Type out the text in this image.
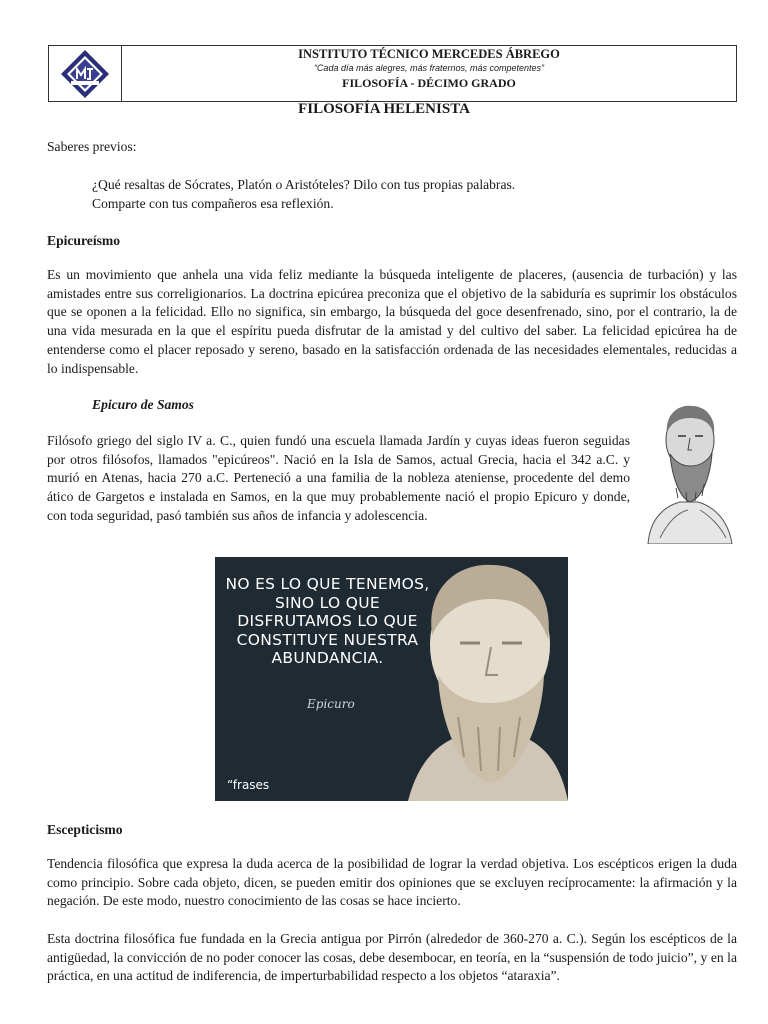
INSTITUTO TÉCNICO MERCEDES ÁBREGO
“Cada día más alegres, más fraternos, más competentes”
FILOSOFÍA - DÉCIMO GRADO
FILOSOFÍA HELENISTA
Saberes previos:
¿Qué resaltas de Sócrates, Platón o Aristóteles? Dilo con tus propias palabras.
Comparte con tus compañeros esa reflexión.
Epicureísmo
Es un movimiento que anhela una vida feliz mediante la búsqueda inteligente de placeres, (ausencia de turbación) y las amistades entre sus correligionarios. La doctrina epicúrea preconiza que el objetivo de la sabiduría es suprimir los obstáculos que se oponen a la felicidad. Ello no significa, sin embargo, la búsqueda del goce desenfrenado, sino, por el contrario, la de una vida mesurada en la que el espíritu pueda disfrutar de la amistad y del cultivo del saber. La felicidad epicúrea ha de entenderse como el placer reposado y sereno, basado en la satisfacción ordenada de las necesidades elementales, reducidas a lo indispensable.
Epicuro de Samos
Filósofo griego del siglo IV a. C., quien fundó una escuela llamada Jardín y cuyas ideas fueron seguidas por otros filósofos, llamados "epicúreos". Nació en la Isla de Samos, actual Grecia, hacia el 342 a.C. y murió en Atenas, hacia 270 a.C. Perteneció a una familia de la nobleza ateniense, procedente del demo ático de Gargetos e instalada en Samos, en la que muy probablemente nació el propio Epicuro y donde, con toda seguridad, pasó también sus años de infancia y adolescencia.
NO ES LO QUE TENEMOS, SINO LO QUE DISFRUTAMOS LO QUE CONSTITUYE NUESTRA ABUNDANCIA.
Epicuro
“frases
Escepticismo
Tendencia filosófica que expresa la duda acerca de la posibilidad de lograr la verdad objetiva. Los escépticos erigen la duda como principio. Sobre cada objeto, dicen, se pueden emitir dos opiniones que se excluyen recíprocamente: la afirmación y la negación. De este modo, nuestro conocimiento de las cosas se hace incierto.
Esta doctrina filosófica fue fundada en la Grecia antigua por Pirrón (alrededor de 360-270 a. C.). Según los escépticos de la antigüedad, la convicción de no poder conocer las cosas, debe desembocar, en teoría, en la “suspensión de todo juicio”, y en la práctica, en una actitud de indiferencia, de imperturbabilidad respecto a los objetos “ataraxia”.
